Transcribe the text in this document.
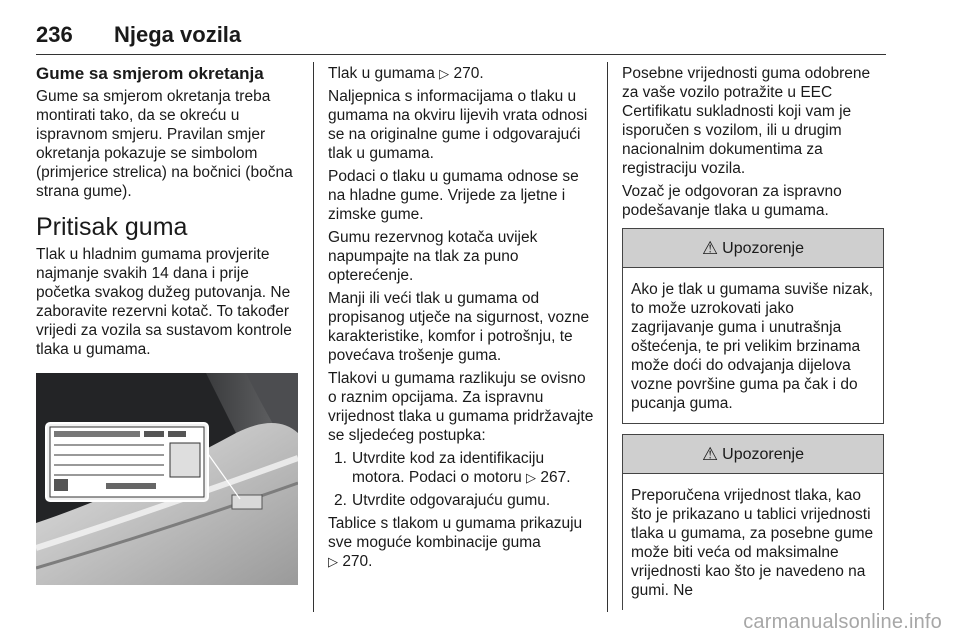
236 Njega vozila
Gume sa smjerom okretanja

Gume sa smjerom okretanja treba montirati tako, da se okreću u ispravnom smjeru. Pravilan smjer okretanja pokazuje se simbolom (primjerice strelica) na bočnici (bočna strana gume).

Pritisak guma

Tlak u hladnim gumama provjerite najmanje svakih 14 dana i prije početka svakog dužeg putovanja. Ne zaboravite rezervni kotač. To također vrijedi za vozila sa sustavom kontrole tlaka u gumama.

Tlak u gumama ▷ 270.

Naljepnica s informacijama o tlaku u gumama na okviru lijevih vrata odnosi se na originalne gume i odgovarajući tlak u gumama.

Podaci o tlaku u gumama odnose se na hladne gume. Vrijede za ljetne i zimske gume.

Gumu rezervnog kotača uvijek napumpajte na tlak za puno opterećenje.

Manji ili veći tlak u gumama od propisanog utječe na sigurnost, vozne karakteristike, komfor i potrošnju, te povećava trošenje guma.

Tlakovi u gumama razlikuju se ovisno o raznim opcijama. Za ispravnu vrijednost tlaka u gumama pridržavajte se sljedećeg postupka:

1. Utvrdite kod za identifikaciju motora. Podaci o motoru ▷ 267.
2. Utvrdite odgovarajuću gumu.

Tablice s tlakom u gumama prikazuju sve moguće kombinacije guma
▷ 270.

Posebne vrijednosti guma odobrene za vaše vozilo potražite u EEC Certifikatu sukladnosti koji vam je isporučen s vozilom, ili u drugim nacionalnim dokumentima za registraciju vozila.

Vozač je odgovoran za ispravno podešavanje tlaka u gumama.

⚠ Upozorenje
Ako je tlak u gumama suviše nizak, to može uzrokovati jako zagrijavanje guma i unutrašnja oštećenja, te pri velikim brzinama može doći do odvajanja dijelova vozne površine guma pa čak i do pucanja guma.
⚠ Upozorenje
Preporučena vrijednost tlaka, kao što je prikazano u tablici vrijednosti tlaka u gumama, za posebne gume može biti veća od maksimalne vrijednosti kao što je navedeno na gumi. Ne
carmanualsonline.info
